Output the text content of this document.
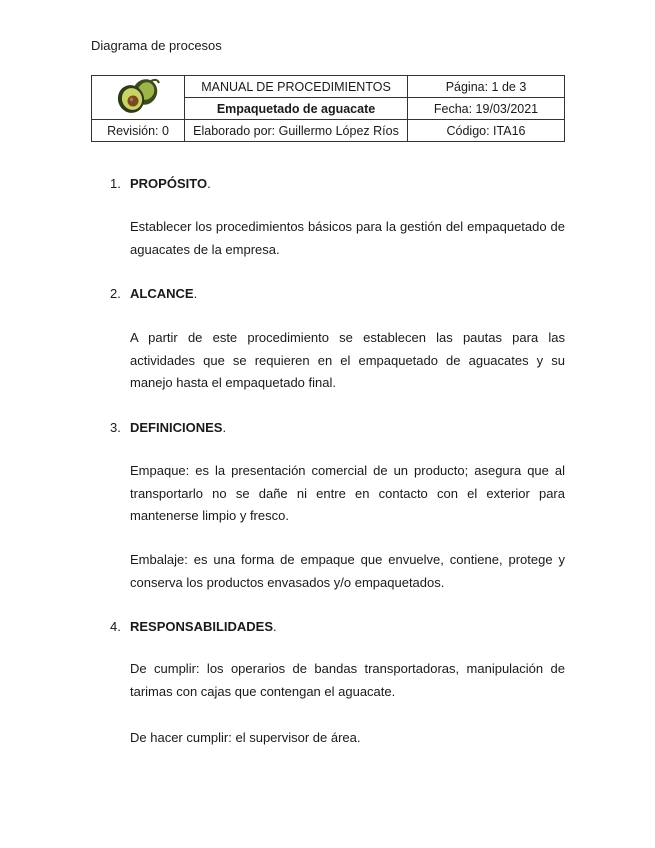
Diagrama de procesos
	MANUAL DE PROCEDIMIENTOS	Página: 1 de 3
	Empaquetado de aguacate	Fecha: 19/03/2021
Revisión: 0	Elaborado por: Guillermo López Ríos	Código: ITA16
1. PROPÓSITO.
Establecer los procedimientos básicos para la gestión del empaquetado de aguacates de la empresa.
2. ALCANCE.
A partir de este procedimiento se establecen las pautas para las actividades que se requieren en el empaquetado de aguacates y su manejo hasta el empaquetado final.
3. DEFINICIONES.
Empaque: es la presentación comercial de un producto; asegura que al transportarlo no se dañe ni entre en contacto con el exterior para mantenerse limpio y fresco.
Embalaje: es una forma de empaque que envuelve, contiene, protege y conserva los productos envasados y/o empaquetados.
4. RESPONSABILIDADES.
De cumplir: los operarios de bandas transportadoras, manipulación de tarimas con cajas que contengan el aguacate.
De hacer cumplir: el supervisor de área.
